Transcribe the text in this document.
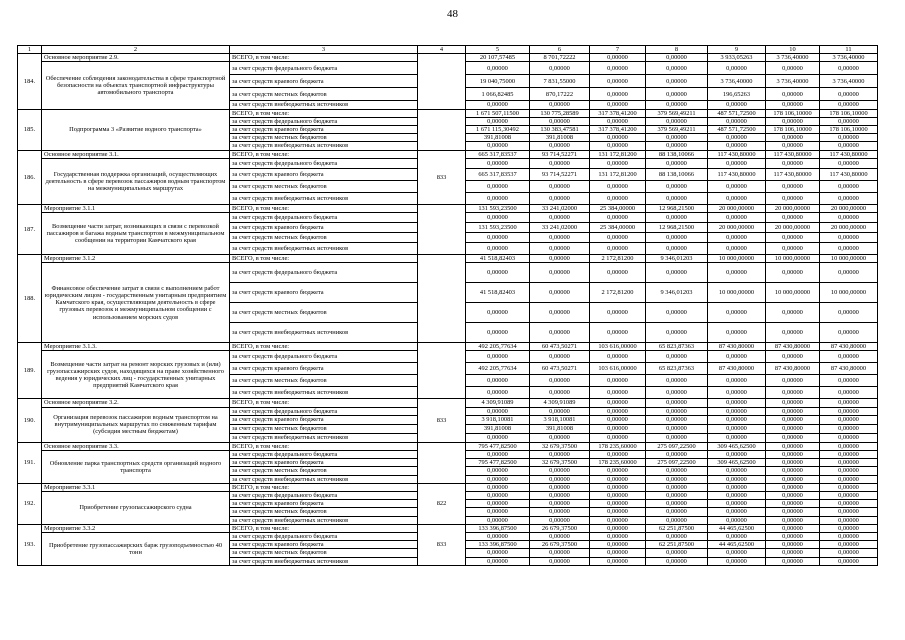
48
1	2	3	4	5	6	7	8	9	10	11
184.	Основное мероприятие 2.9.	ВСЕГО, в том числе:		20 107,57485	8 701,72222	0,00000	0,00000	3 933,05263	3 736,40000	3 736,40000
	Обеспечение соблюдения законодательства в сфере транспортной безопасности на объектах транспортной инфраструктуры автомобильного транспорта	за счет средств федерального бюджета		0,00000	0,00000	0,00000	0,00000	0,00000	0,00000	0,00000
		за счет средств краевого бюджета		19 040,75000	7 831,55000	0,00000	0,00000	3 736,40000	3 736,40000	3 736,40000
		за счет средств местных бюджетов		1 066,82485	870,17222	0,00000	0,00000	196,65263	0,00000	0,00000
		за счет средств внебюджетных источников		0,00000	0,00000	0,00000	0,00000	0,00000	0,00000	0,00000
185.	Подпрограмма 3 «Развитие водного транспорта»	ВСЕГО, в том числе:		1 671 507,11500	130 775,28589	317 378,41200	379 569,49211	487 571,72500	178 106,10000	178 106,10000
		за счет средств федерального бюджета		0,00000	0,00000	0,00000	0,00000	0,00000	0,00000	0,00000
		за счет средств краевого бюджета		1 671 115,30492	130 383,47581	317 378,41200	379 569,49211	487 571,72500	178 106,10000	178 106,10000
		за счет средств местных бюджетов		391,81008	391,81008	0,00000	0,00000	0,00000	0,00000	0,00000
		за счет средств внебюджетных источников		0,00000	0,00000	0,00000	0,00000	0,00000	0,00000	0,00000
186.	Основное мероприятие 3.1.	ВСЕГО, в том числе:	833	665 317,83537	93 714,52271	131 172,81200	88 138,10066	117 430,80000	117 430,80000	117 430,80000
	Государственная поддержка организаций, осуществляющих деятельность в сфере перевозок пассажиров водным транспортом на межмуниципальных маршрутах	за счет средств федерального бюджета		0,00000	0,00000	0,00000	0,00000	0,00000	0,00000	0,00000
		за счет средств краевого бюджета		665 317,83537	93 714,52271	131 172,81200	88 138,10066	117 430,80000	117 430,80000	117 430,80000
		за счет средств местных бюджетов		0,00000	0,00000	0,00000	0,00000	0,00000	0,00000	0,00000
		за счет средств внебюджетных источников		0,00000	0,00000	0,00000	0,00000	0,00000	0,00000	0,00000
187.	Мероприятие 3.1.1	ВСЕГО, в том числе:		131 593,23500	33 241,02000	25 384,00000	12 968,21500	20 000,00000	20 000,00000	20 000,00000
	Возмещение части затрат, возникающих в связи с перевозкой пассажиров и багажа водным транспортом в межмуниципальном сообщении на территории Камчатского края	за счет средств федерального бюджета		0,00000	0,00000	0,00000	0,00000	0,00000	0,00000	0,00000
		за счет средств краевого бюджета		131 593,23500	33 241,02000	25 384,00000	12 968,21500	20 000,00000	20 000,00000	20 000,00000
		за счет средств местных бюджетов		0,00000	0,00000	0,00000	0,00000	0,00000	0,00000	0,00000
		за счет средств внебюджетных источников		0,00000	0,00000	0,00000	0,00000	0,00000	0,00000	0,00000
188.	Мероприятие 3.1.2	ВСЕГО, в том числе:		41 518,82403	0,00000	2 172,81200	9 346,01203	10 000,00000	10 000,00000	10 000,00000
	Финансовое обеспечение затрат в связи с выполнением работ юридическим лицом - государственным унитарным предприятием Камчатского края, осуществляющим деятельность в сфере грузовых перевозок и межмуниципальном сообщении с использованием морских судов	за счет средств федерального бюджета		0,00000	0,00000	0,00000	0,00000	0,00000	0,00000	0,00000
		за счет средств краевого бюджета		41 518,82403	0,00000	2 172,81200	9 346,01203	10 000,00000	10 000,00000	10 000,00000
		за счет средств местных бюджетов		0,00000	0,00000	0,00000	0,00000	0,00000	0,00000	0,00000
		за счет средств внебюджетных источников		0,00000	0,00000	0,00000	0,00000	0,00000	0,00000	0,00000
189.	Мероприятие 3.1.3.	ВСЕГО, в том числе:		492 205,77634	60 473,50271	103 616,00000	65 823,87363	87 430,80000	87 430,80000	87 430,80000
	Возмещение части затрат на ремонт морских грузовых и (или) грузопассажирских судов, находящихся на праве хозяйственного ведения у юридических лиц - государственных унитарных предприятий Камчатского края	за счет средств федерального бюджета		0,00000	0,00000	0,00000	0,00000	0,00000	0,00000	0,00000
		за счет средств краевого бюджета		492 205,77634	60 473,50271	103 616,00000	65 823,87363	87 430,80000	87 430,80000	87 430,80000
		за счет средств местных бюджетов		0,00000	0,00000	0,00000	0,00000	0,00000	0,00000	0,00000
		за счет средств внебюджетных источников		0,00000	0,00000	0,00000	0,00000	0,00000	0,00000	0,00000
190.	Основное мероприятие 3.2.	ВСЕГО, в том числе:	833	4 309,91089	4 309,91089	0,00000	0,00000	0,00000	0,00000	0,00000
	Организация перевозок пассажиров водным транспортом на внутримуниципальных маршрутах по сниженным тарифам (субсидия местным бюджетам)	за счет средств федерального бюджета		0,00000	0,00000	0,00000	0,00000	0,00000	0,00000	0,00000
		за счет средств краевого бюджета		3 918,10081	3 918,10081	0,00000	0,00000	0,00000	0,00000	0,00000
		за счет средств местных бюджетов		391,81008	391,81008	0,00000	0,00000	0,00000	0,00000	0,00000
		за счет средств внебюджетных источников		0,00000	0,00000	0,00000	0,00000	0,00000	0,00000	0,00000
191.	Основное мероприятие 3.3.	ВСЕГО, в том числе:		795 477,82500	32 679,37500	178 235,60000	275 097,22500	309 465,62500	0,00000	0,00000
	Обновление парка транспортных средств организаций водного транспорта	за счет средств федерального бюджета		0,00000	0,00000	0,00000	0,00000	0,00000	0,00000	0,00000
		за счет средств краевого бюджета		795 477,82500	32 679,37500	178 235,60000	275 097,22500	309 465,62500	0,00000	0,00000
		за счет средств местных бюджетов		0,00000	0,00000	0,00000	0,00000	0,00000	0,00000	0,00000
		за счет средств внебюджетных источников		0,00000	0,00000	0,00000	0,00000	0,00000	0,00000	0,00000
192.	Мероприятие 3.3.1	ВСЕГО, в том числе:	822	0,00000	0,00000	0,00000	0,00000	0,00000	0,00000	0,00000
	Приобретение грузопассажирского судна	за счет средств федерального бюджета		0,00000	0,00000	0,00000	0,00000	0,00000	0,00000	0,00000
		за счет средств краевого бюджета		0,00000	0,00000	0,00000	0,00000	0,00000	0,00000	0,00000
		за счет средств местных бюджетов		0,00000	0,00000	0,00000	0,00000	0,00000	0,00000	0,00000
		за счет средств внебюджетных источников		0,00000	0,00000	0,00000	0,00000	0,00000	0,00000	0,00000
193.	Мероприятие 3.3.2	ВСЕГО, в том числе:	833	133 396,87500	26 679,37500	0,00000	62 251,87500	44 465,62500	0,00000	0,00000
	Приобретение грузопассажирских барж грузоподъемностью 40 тонн	за счет средств федерального бюджета		0,00000	0,00000	0,00000	0,00000	0,00000	0,00000	0,00000
		за счет средств краевого бюджета		133 396,87500	26 679,37500	0,00000	62 251,87500	44 465,62500	0,00000	0,00000
		за счет средств местных бюджетов		0,00000	0,00000	0,00000	0,00000	0,00000	0,00000	0,00000
		за счет средств внебюджетных источников		0,00000	0,00000	0,00000	0,00000	0,00000	0,00000	0,00000
